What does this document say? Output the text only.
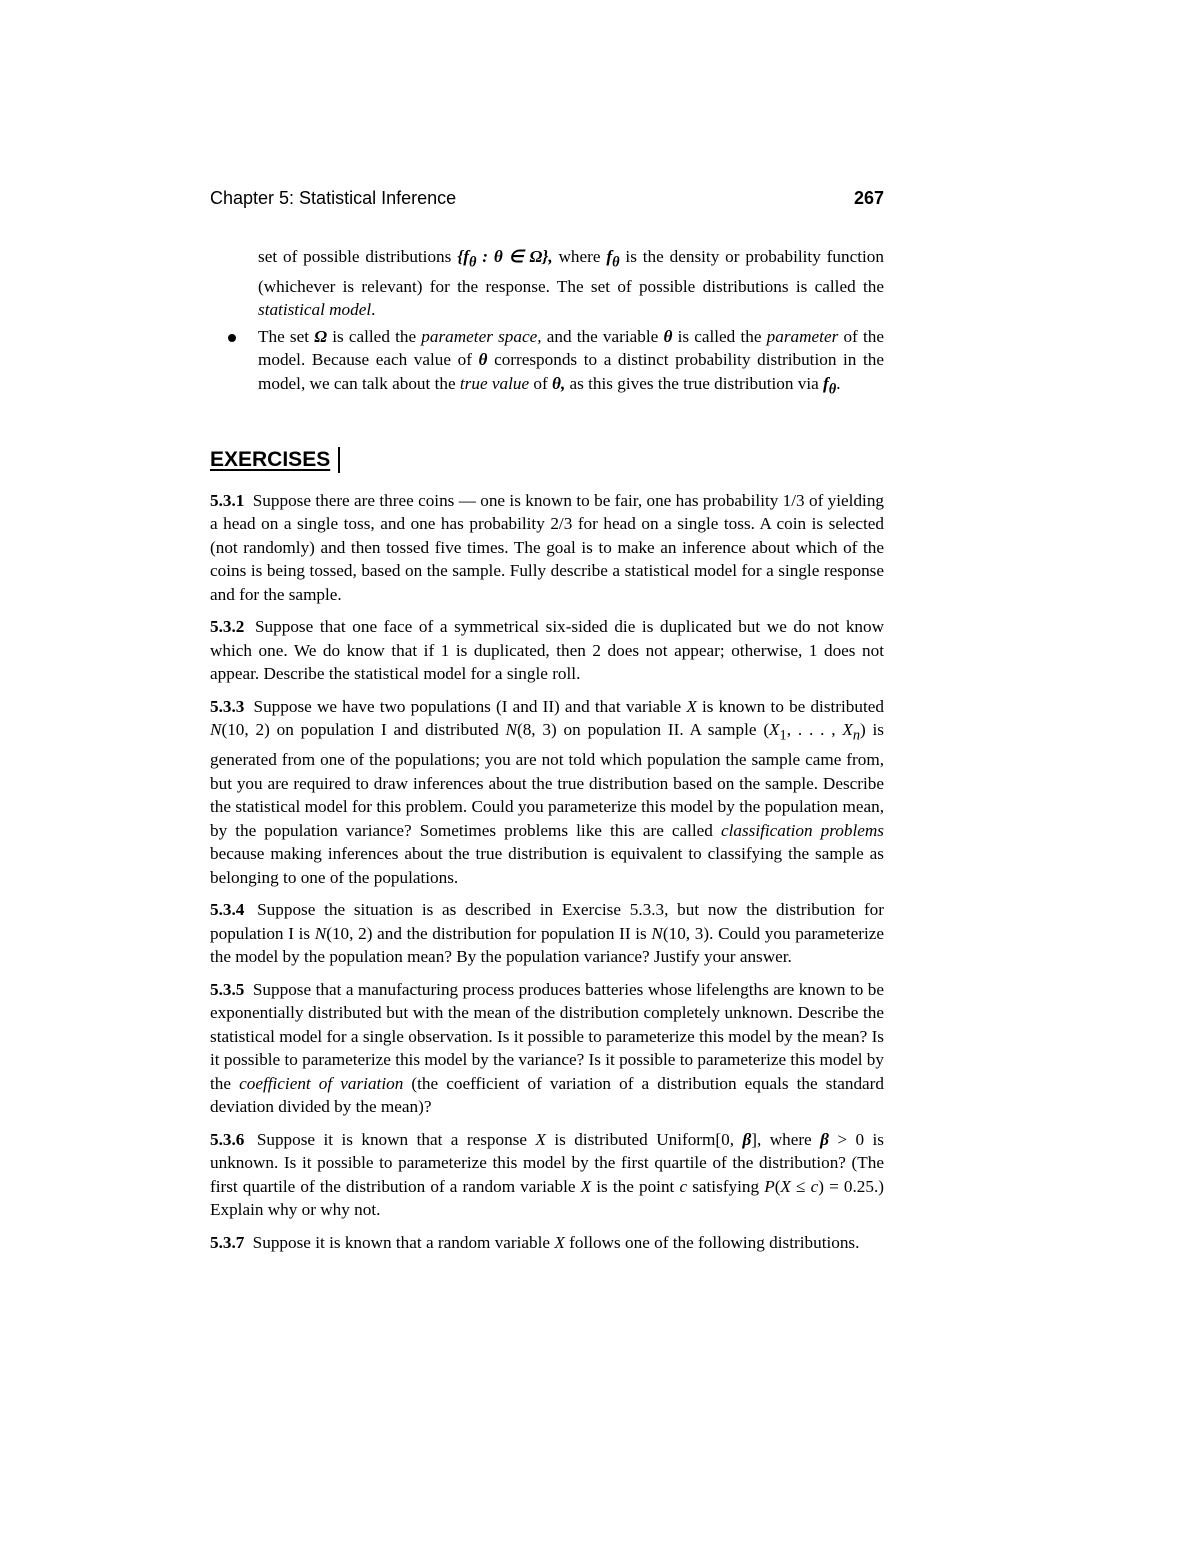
Chapter 5: Statistical Inference	267
set of possible distributions {$f_\theta$ : θ ∈ Ω}, where $f_\theta$ is the density or probability function (whichever is relevant) for the response. The set of possible distributions is called the statistical model.
The set Ω is called the parameter space, and the variable θ is called the parameter of the model. Because each value of θ corresponds to a distinct probability distribution in the model, we can talk about the true value of θ, as this gives the true distribution via $f_\theta$.
EXERCISES
5.3.1 Suppose there are three coins — one is known to be fair, one has probability 1/3 of yielding a head on a single toss, and one has probability 2/3 for head on a single toss. A coin is selected (not randomly) and then tossed five times. The goal is to make an inference about which of the coins is being tossed, based on the sample. Fully describe a statistical model for a single response and for the sample.
5.3.2 Suppose that one face of a symmetrical six-sided die is duplicated but we do not know which one. We do know that if 1 is duplicated, then 2 does not appear; otherwise, 1 does not appear. Describe the statistical model for a single roll.
5.3.3 Suppose we have two populations (I and II) and that variable X is known to be distributed N(10, 2) on population I and distributed N(8, 3) on population II. A sample ($X_1$, . . . , $X_n$) is generated from one of the populations; you are not told which population the sample came from, but you are required to draw inferences about the true distribution based on the sample. Describe the statistical model for this problem. Could you parameterize this model by the population mean, by the population variance? Sometimes problems like this are called classification problems because making inferences about the true distribution is equivalent to classifying the sample as belonging to one of the populations.
5.3.4 Suppose the situation is as described in Exercise 5.3.3, but now the distribution for population I is N(10, 2) and the distribution for population II is N(10, 3). Could you parameterize the model by the population mean? By the population variance? Justify your answer.
5.3.5 Suppose that a manufacturing process produces batteries whose lifelengths are known to be exponentially distributed but with the mean of the distribution completely unknown. Describe the statistical model for a single observation. Is it possible to parameterize this model by the mean? Is it possible to parameterize this model by the variance? Is it possible to parameterize this model by the coefficient of variation (the coefficient of variation of a distribution equals the standard deviation divided by the mean)?
5.3.6 Suppose it is known that a response X is distributed Uniform[0, β], where β > 0 is unknown. Is it possible to parameterize this model by the first quartile of the distribution? (The first quartile of the distribution of a random variable X is the point c satisfying P(X ≤ c) = 0.25.) Explain why or why not.
5.3.7 Suppose it is known that a random variable X follows one of the following distributions.
